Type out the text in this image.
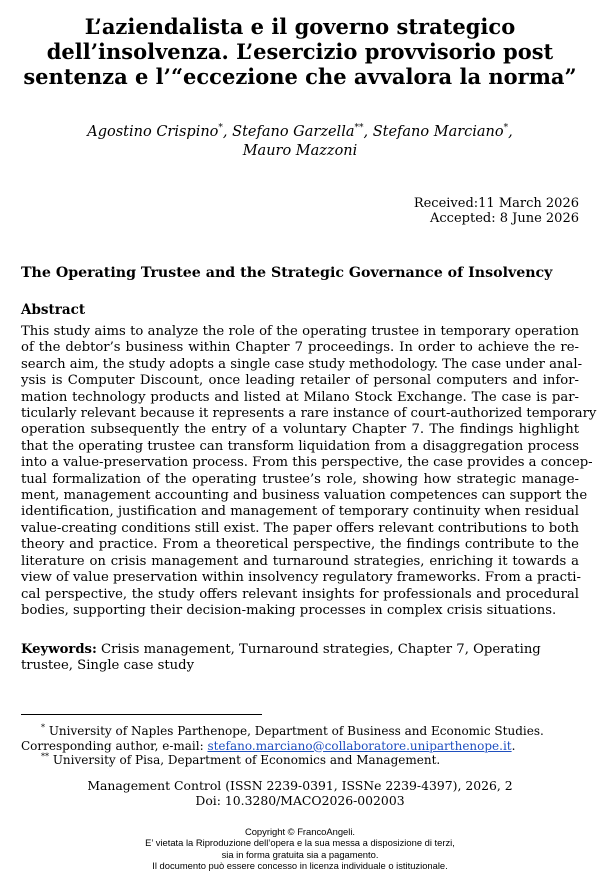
L’aziendalista e il governo strategico
dell’insolvenza. L’esercizio provvisorio post
sentenza e l’“eccezione che avvalora la norma”
Agostino Crispino*, Stefano Garzella**, Stefano Marciano*,
Mauro Mazzoni
Received:11 March 2026
Accepted: 8 June 2026
The Operating Trustee and the Strategic Governance of Insolvency
Abstract
This study aims to analyze the role of the operating trustee in temporary operation
of the debtor’s business within Chapter 7 proceedings. In order to achieve the re-
search aim, the study adopts a single case study methodology. The case under anal-
ysis is Computer Discount, once leading retailer of personal computers and infor-
mation technology products and listed at Milano Stock Exchange. The case is par-
ticularly relevant because it represents a rare instance of court-authorized temporary
operation subsequently the entry of a voluntary Chapter 7. The findings highlight
that the operating trustee can transform liquidation from a disaggregation process
into a value-preservation process. From this perspective, the case provides a concep-
tual formalization of the operating trustee’s role, showing how strategic manage-
ment, management accounting and business valuation competences can support the
identification, justification and management of temporary continuity when residual
value-creating conditions still exist. The paper offers relevant contributions to both
theory and practice. From a theoretical perspective, the findings contribute to the
literature on crisis management and turnaround strategies, enriching it towards a
view of value preservation within insolvency regulatory frameworks. From a practi-
cal perspective, the study offers relevant insights for professionals and procedural
bodies, supporting their decision-making processes in complex crisis situations.
Keywords: Crisis management, Turnaround strategies, Chapter 7, Operating trustee, Single case study
* University of Naples Parthenope, Department of Business and Economic Studies.
Corresponding author, e-mail: stefano.marciano@collaboratore.uniparthenope.it.
** University of Pisa, Department of Economics and Management.
Management Control (ISSN 2239-0391, ISSNe 2239-4397), 2026, 2
Doi: 10.3280/MACO2026-002003
Copyright © FrancoAngeli.
E’ vietata la Riproduzione dell’opera e la sua messa a disposizione di terzi,
sia in forma gratuita sia a pagamento.
Il documento può essere concesso in licenza individuale o istituzionale.
